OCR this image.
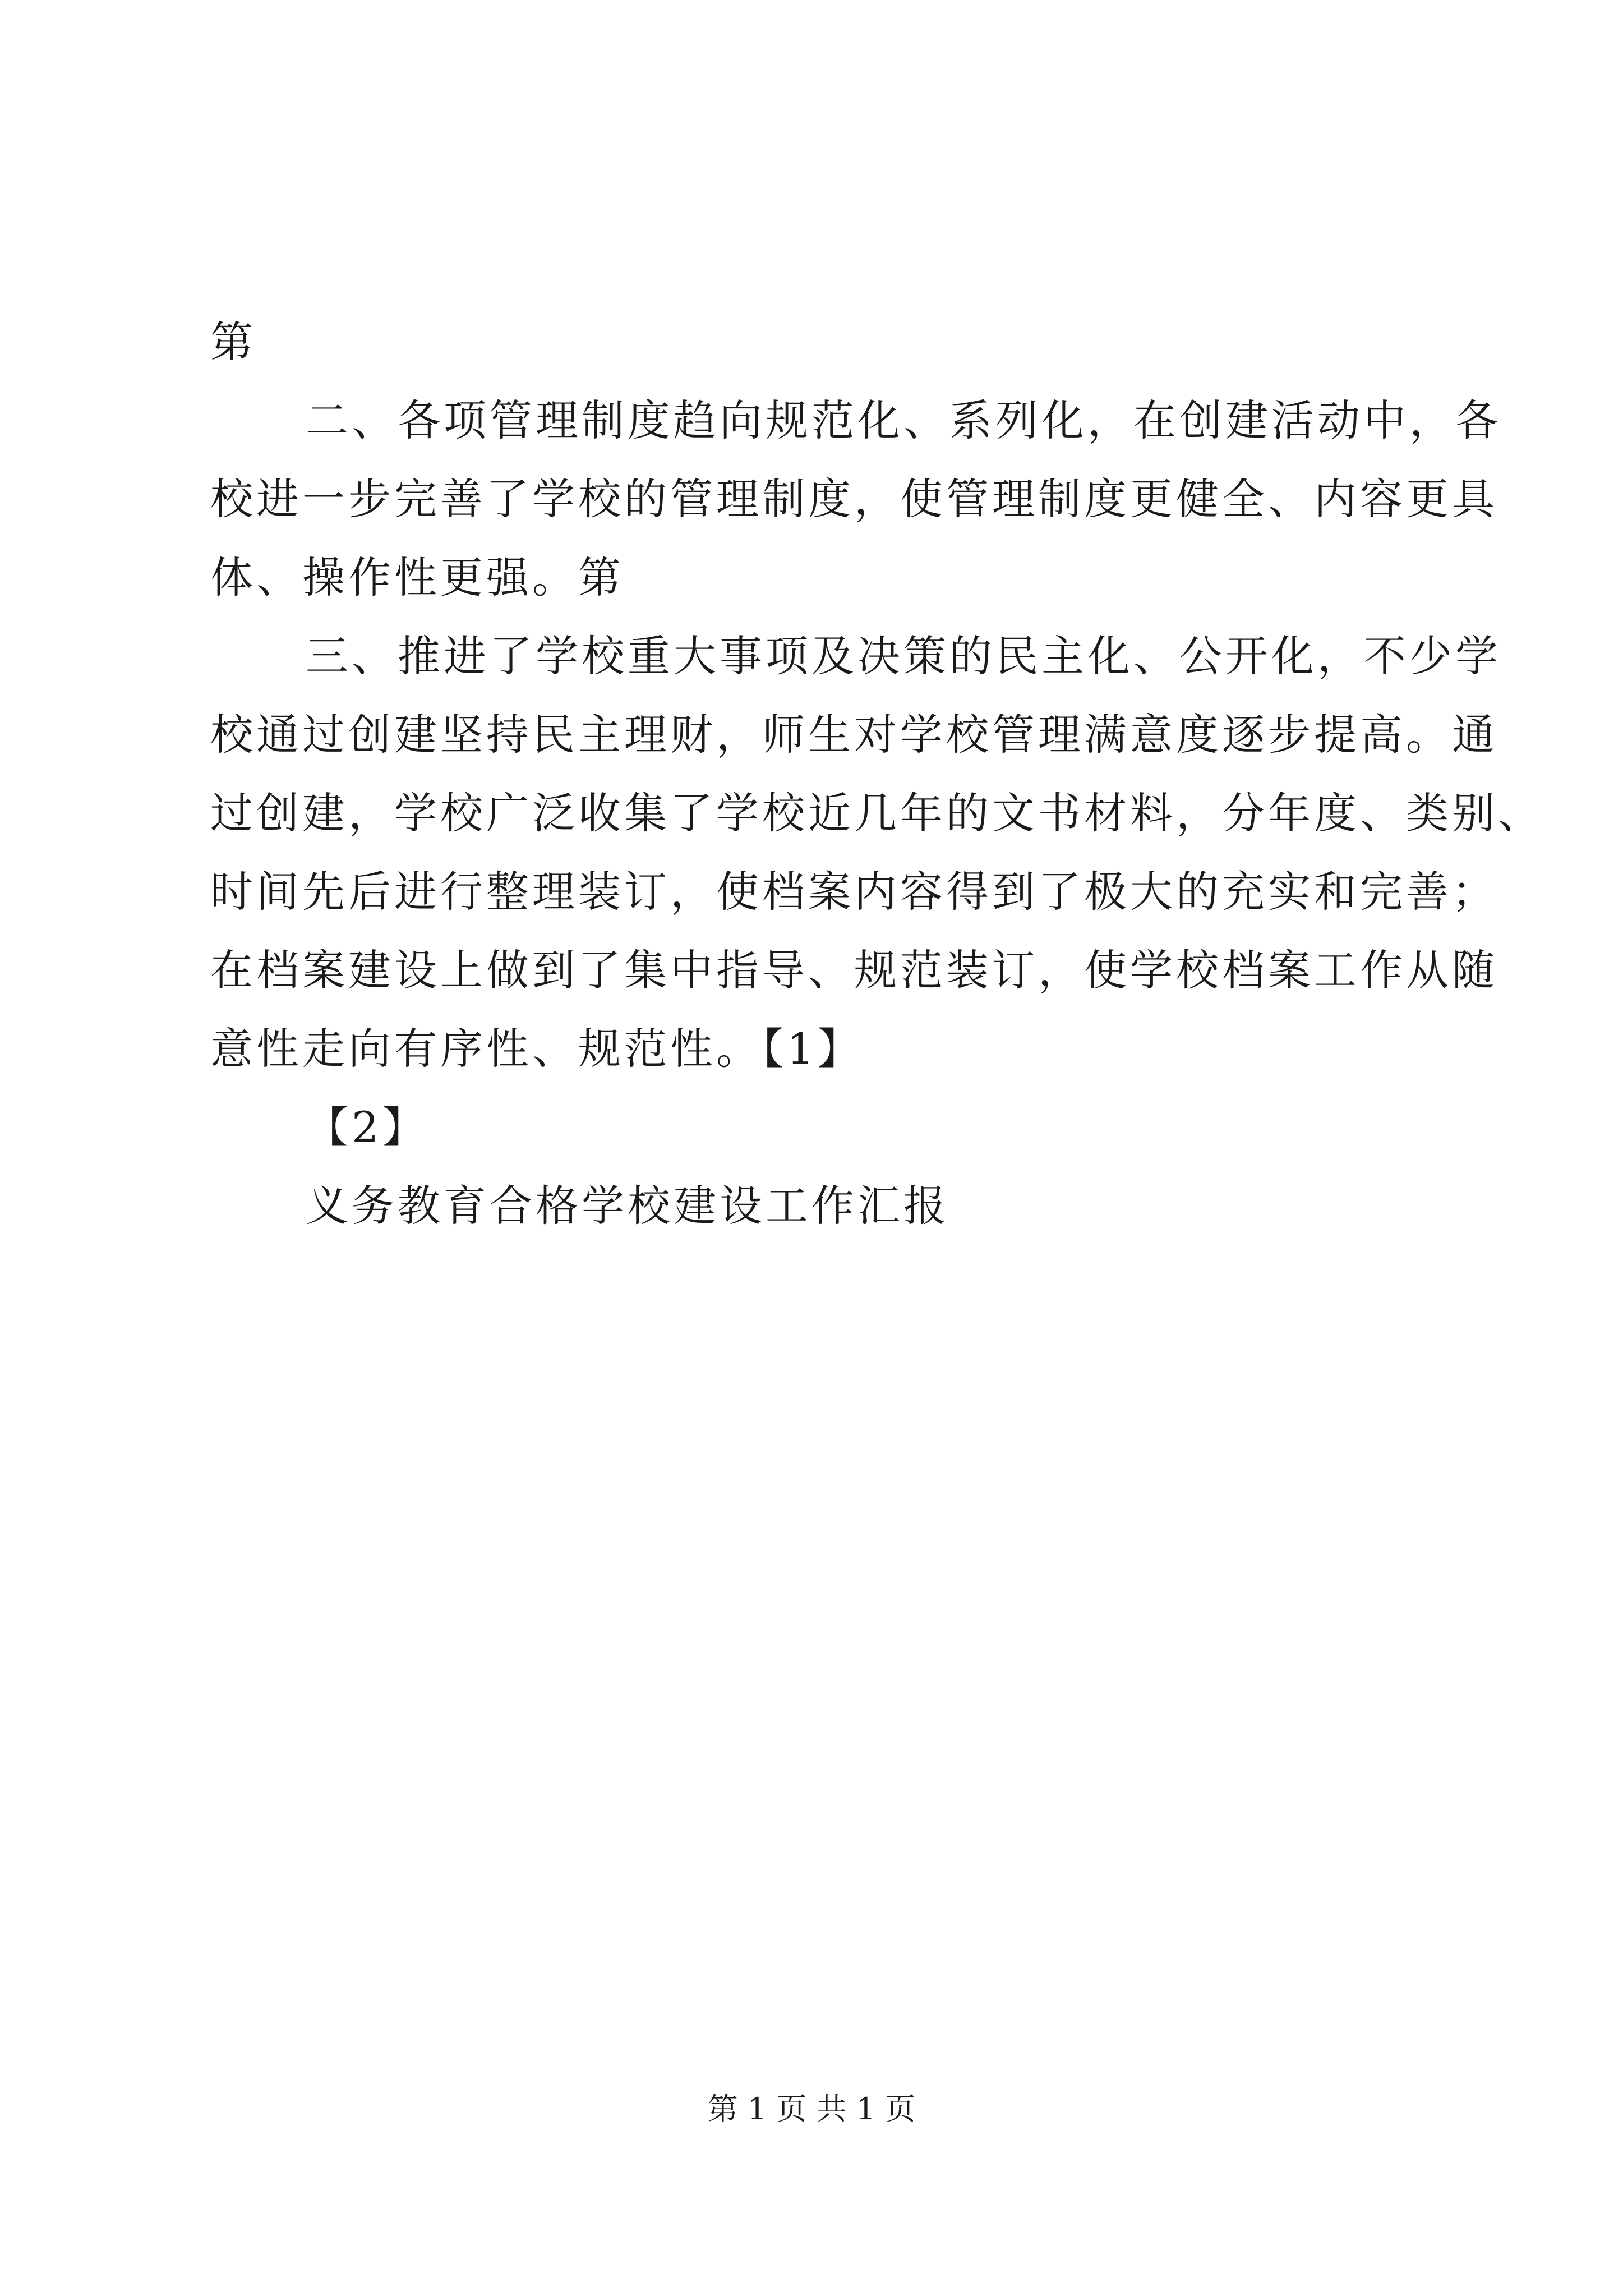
第
二、各项管理制度趋向规范化、系列化，在创建活动中，各
校进一步完善了学校的管理制度，使管理制度更健全、内容更具
体、操作性更强。第
三、推进了学校重大事项及决策的民主化、公开化，不少学
校通过创建坚持民主理财，师生对学校管理满意度逐步提高。通
过创建，学校广泛收集了学校近几年的文书材料，分年度、类别、
时间先后进行整理装订，使档案内容得到了极大的充实和完善；
在档案建设上做到了集中指导、规范装订，使学校档案工作从随
意性走向有序性、规范性。【1】
【2】
义务教育合格学校建设工作汇报
第 1 页 共 1 页
